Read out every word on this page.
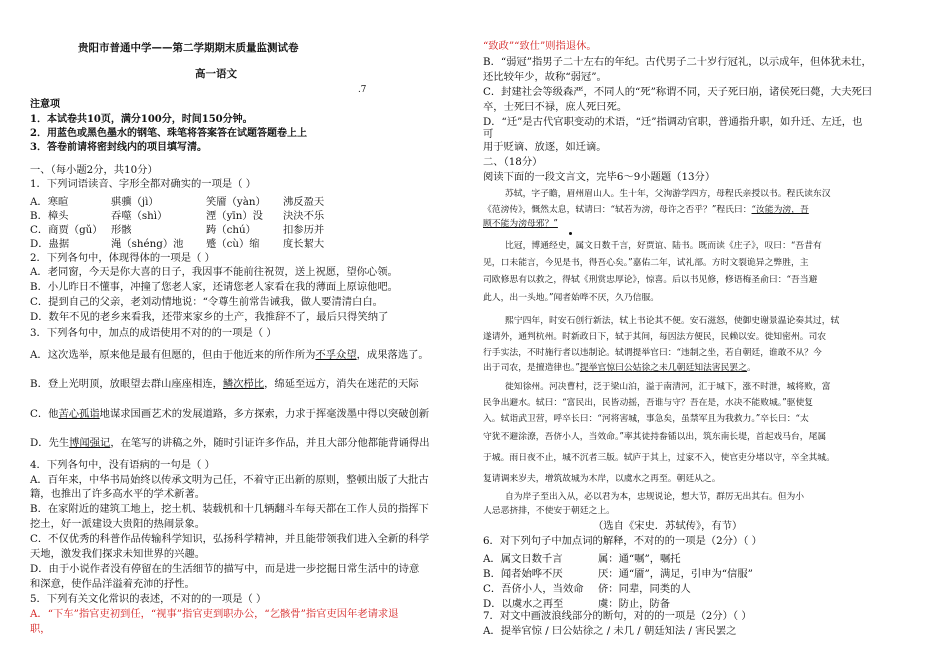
贵阳市普通中学——第二学期期末质量监测试卷
高一语文
.7
注意项
1．本试卷共10页，满分100分，时间150分钟。
2．用蓝色或黑色墨水的钢笔、珠笔将答案答在试题答题卷上上
3．答卷前请将密封线内的项目填写清。
一、（每小题2分，共10分）
1．下列词语读音、字形全都对确实的一项是（ ）
A．寒暄	骐骥（jì）	笑靥（yàn） 沸反盈天
B．樟头	吞噬（shì）	湮（yīn）没 決決不乐
C．商贾（gǔ） 形骸	踌（chú）	扣参历并
D．蛊据	渑（shéng）池 蹙（cù）缩 度长絜大
2．下列各句中，体现得体的一项是（ ）
A．老同窗，今天是你大喜的日子，我因事不能前往祝贺，送上祝愿，望你心领。
B．小儿昨日不懂事，冲撞了您老人家，还请您老人家看在我的薄面上原谅他吧。
C．提到自己的父亲，老刘动情地说：“令尊生前常告诫我，做人要清清白白。
D．数年不见的老乡来看我，还带来家乡的土产，我推辞不了，最后只得笑纳了
3．下列各句中，加点的成语使用不对的的一项是（ ）
A．这次选举，原来他是最有但愿的，但由于他近来的所作所为不孚众望，成果落选了。
B．登上光明顶，放眼望去群山座座相连，鳞次栉比，绵延至远方，消失在迷茫的天际
C．他苦心孤诣地谋求国画艺术的发展道路，多方探索，力求于挥毫泼墨中得以突破创新
D．先生博闻强记，在笔写的讲稿之外，随时引证许多作品，并且大部分他都能背诵得出
4．下列各句中，没有语病的一句是（ ）
A．百年来，中华书局始终以传承文明为己任，不着守正出新的原则，整顿出版了大批古
籍，也推出了许多高水平的学术新著。
B．在家附近的建筑工地上，挖土机、装载机和十几辆翻斗车每天都在工作人员的指挥下
挖土，好一派建设大贵阳的热闹景象。
C．不仅优秀的科普作品传输科学知识，弘扬科学精神，并且能带领我们进入全新的科学
天地，激发我们探求未知世界的兴趣。
D．由于小说作者没有停留在的生活细节的描写中，而是进一步挖掘日常生活中的诗意
和深意，使作品洋溢着充沛的抒性。
5．下列有关文化常识的表述，不对的的一项是（ ）
A．“下车”指官吏初到任，“视事”指官吏到职办公，“乞骸骨”指官吏因年老请求退
职，
“致政”“致仕”则指退休。
B．“弱冠”指男子二十左右的年纪。古代男子二十岁行冠礼，以示成年，但体犹未壮，
还比较年少，故称“弱冠”。
C．封建社会等级森严，不同人的“死”称谓不同，天子死曰崩，诸侯死曰薨，大夫死曰
卒，士死曰不禄，庶人死曰死。
D．“迁”是古代官职变动的术语，“迁”指调动官职，普通指升职，如升迁、左迁，也
可
用于贬谪、放逐，如迁谪。
二、（18分）
阅读下面的一段文言文，完毕6～9小题题（13分）
苏轼，字子瞻，眉州眉山人。生十年，父洵游学四方，母程氏亲授以书。程氏读东汉
《范滂传》，慨然太息，轼请曰：“轼若为滂，母许之否乎？”程氏曰：“汝能为滂，吾
顾不能为滂母邪？”
比冠，博通经史，属文日数千言，好贾谊、陆书。既而读《庄子》，叹曰：“吾昔有
见，口未能言，今见是书，得吾心矣。”嘉佑二年，试礼部。方时文裂诡异之弊胜，主
司欧修思有以救之，得轼《刑赏忠厚论》，惊喜。后以书见修，修语梅圣俞曰：“吾当避
此人，出一头地。”闻者始哗不厌，久乃信服。
熙宁四年，时安石创行新法，轼上书论其不便。安石滋怒，使御史谢景温论奏其过，轼
遂请外，通判杭州。时新政日下，轼于其间，每因法方便民，民赖以安。徙知密州。司农
行手实法，不时施行者以违制论。轼谓提举官曰：“违制之坐，若自朝廷，谁敢不从？今
出于司农，是擅造律也。”提举官惊曰公姑徐之未几朝廷知法害民罢之。
徙知徐州。河决曹村，泛于梁山泊，溢于南清河，汇于城下，涨不时泄，城将败，富
民争出避水。轼曰：“富民出，民皆动摇，吾谁与守？吾在是，水决不能败城。”驱使复
入。轼诣武卫营，呼卒长曰：“河将害城，事急矣，虽禁军且为我救力。”卒长曰：“太
守犹不避涂潦，吾侪小人，当效命。”率其徒持畚锸以出，筑东南长堤，首起戏马台，尾属
于城。雨日夜不止，城不沉者三版。轼庐于其上，过家不入，使官吏分堵以守，卒全其城。
复请调来岁夫，增筑故城为木岸，以虞水之再至。朝廷从之。
自为岸子至出入从，必以君为本，忠规说论，想大节，群厉无出其右。但为小
人忌恶挤排，不使安于朝廷之上。
（选自《宋史．苏轼传》，有节）
6．对下列句子中加点词的解释，不对的的一项是（2分）（ ）
A．属文日数千言	属：通“嘱”，嘱托
B．闻者始哗不厌	厌：通“靥”，满足，引申为“信服”
C．吾侪小人，当效命 侪：同辈，同类的人
D．以虞水之再至	虞：防止，防备
7．对文中画波浪线部分的断句，对的的一项是（2分）（ ）
A．提举官惊 / 曰公姑徐之 / 未几 / 朝廷知法 / 害民罢之
